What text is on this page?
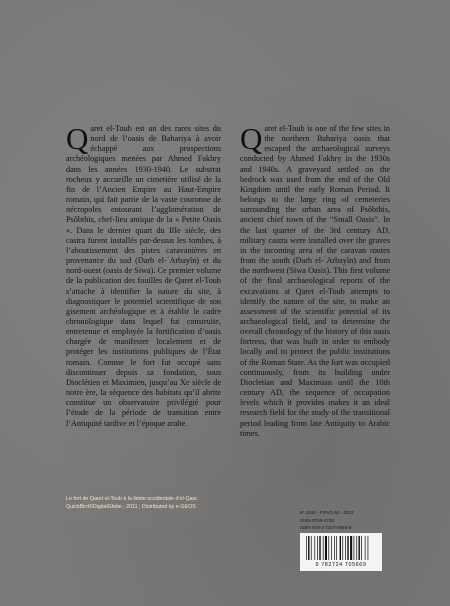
Qaret el-Toub est un des rares sites du nord de l’oasis de Bahariya à avoir échappé aux prospections archéologiques menées par Ahmed Fakhry dans les années 1930-1940. Le substrat rocheux y accueille un cimetière utilisé de la fin de l’Ancien Empire au Haut-Empire romain, qui fait partie de la vaste couronne de nécropoles entourant l’agglomération de Psôbthis, chef-lieu antique de la « Petite Oasis ». Dans le dernier quart du IIIe siècle, des castra furent installés par-dessus les tombes, à l’aboutissement des pistes caravanières en provenance du sud (Darb el-ʿArbayîn) et du nord-ouest (oasis de Siwa). Ce premier volume de la publication des fouilles de Qaret el-Toub s’attache à identifier la nature du site, à diagnostiquer le potentiel scientifique de son gisement archéologique et à établir le cadre chronologique dans lequel fut construite, entretenue et employée la fortification d’oasis chargée de manifester localement et de protéger les institutions publiques de l’État romain. Comme le fort fut occupé sans discontinuer depuis sa fondation, sous Dioclétien et Maximien, jusqu’au Xe siècle de notre ère, la séquence des habitats qu’il abrite constitue un observatoire privilégié pour l’étude de la période de transition entre l’Antiquité tardive et l’époque arabe.
Qaret el-Toub is one of the few sites in the northern Bahariya oasis that escaped the archaeological surveys conducted by Ahmed Fakhry in the 1930s and 1940s. A graveyard settled on the bedrock was used from the end of the Old Kingdom until the early Roman Period. It belongs to the large ring of cemeteries surrounding the urban area of Psôbthis, ancient chief town of the “Small Oasis”. In the last quarter of the 3rd century AD, military castra were installed over the graves in the incoming area of the caravan routes from the south (Darb el-ʿArbayîn) and from the northwest (Siwa Oasis). This first volume of the final archaeological reports of the excavations at Qaret el-Toub attempts to identify the nature of the site, to make an assessment of the scientific potential of its archaeological field, and to determine the overall chronology of the history of this oasis fortress, that was built in order to embody locally and to protect the public institutions of the Roman State. As the fort was occupied continuously, from its building under Diocletian and Maximian until the 10th century AD, the sequence of occupation levels which it provides makes it an ideal research field for the study of the transitional period leading from late Antiquity to Arabic times.
Le fort de Qaret el-Toub à la limite occidentale d’el-Qasr.
QuickBird©DigitalGlobe ; 2011 ; Distributed by e-GEOS
IF 1032 - FIFAO 62 - 2012
ISSN 0768-4703
ISBN 978-2-7247-0566-9
9 782724 705669
